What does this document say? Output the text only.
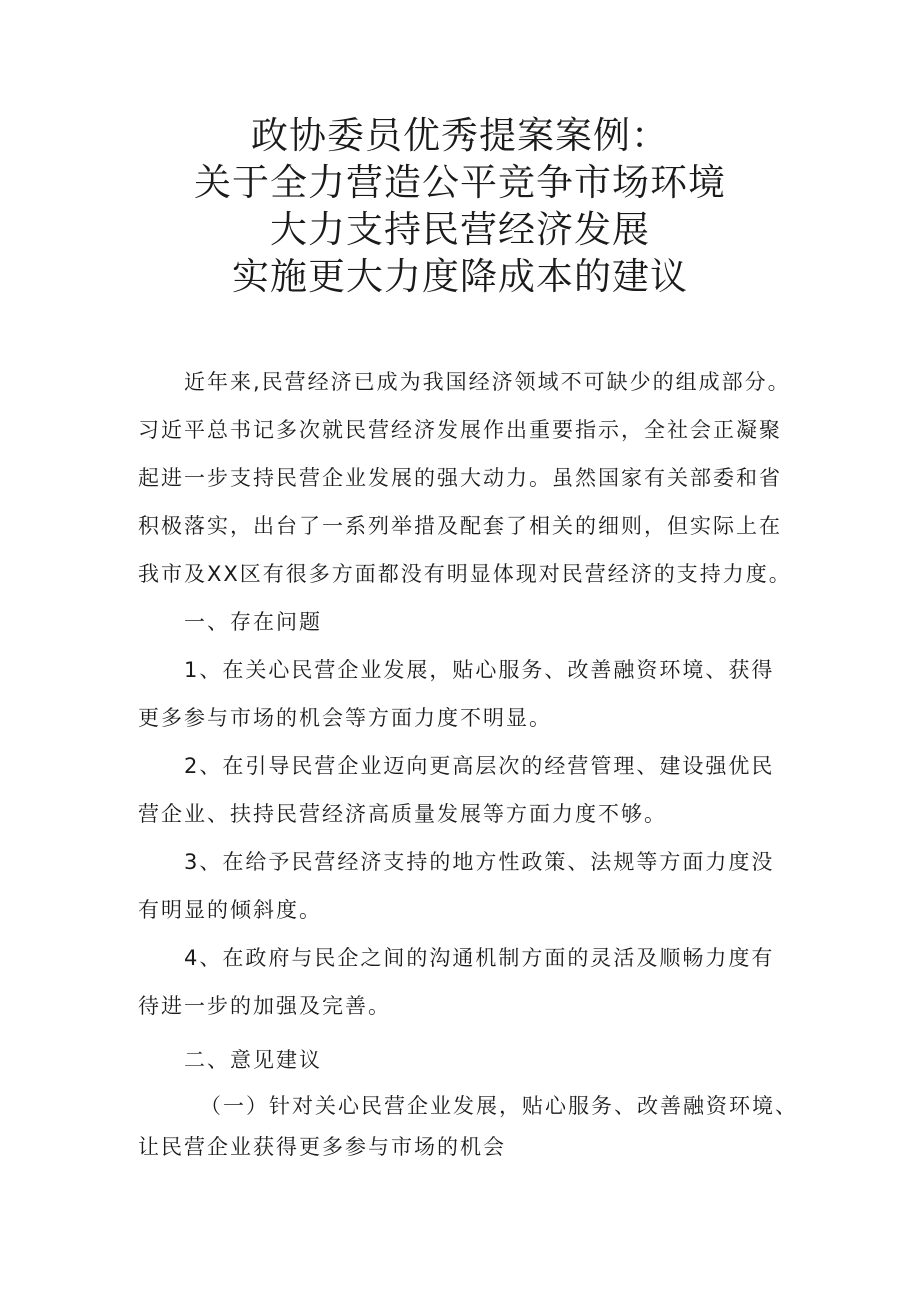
政协委员优秀提案案例：
关于全力营造公平竞争市场环境
大力支持民营经济发展
实施更大力度降成本的建议
近年来,民营经济已成为我国经济领域不可缺少的组成部分。
习近平总书记多次就民营经济发展作出重要指示，全社会正凝聚
起进一步支持民营企业发展的强大动力。虽然国家有关部委和省
积极落实，出台了一系列举措及配套了相关的细则，但实际上在
我市及XX区有很多方面都没有明显体现对民营经济的支持力度。
一、存在问题
1、在关心民营企业发展，贴心服务、改善融资环境、获得
更多参与市场的机会等方面力度不明显。
2、在引导民营企业迈向更高层次的经营管理、建设强优民
营企业、扶持民营经济高质量发展等方面力度不够。
3、在给予民营经济支持的地方性政策、法规等方面力度没
有明显的倾斜度。
4、在政府与民企之间的沟通机制方面的灵活及顺畅力度有
待进一步的加强及完善。
二、意见建议
（一）针对关心民营企业发展，贴心服务、改善融资环境、
让民营企业获得更多参与市场的机会
